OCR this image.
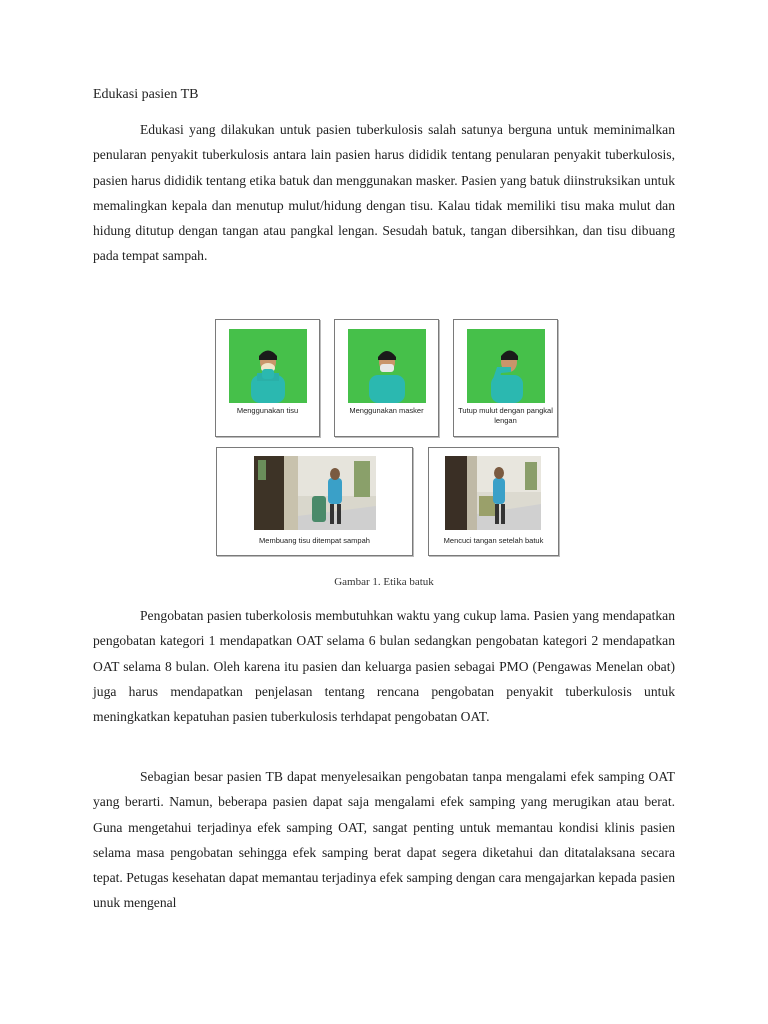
Edukasi pasien TB

Edukasi yang dilakukan untuk pasien tuberkulosis salah satunya berguna untuk meminimalkan penularan penyakit tuberkulosis antara lain pasien harus dididik tentang penularan penyakit tuberkulosis, pasien harus dididik tentang etika batuk dan menggunakan masker. Pasien yang batuk diinstruksikan untuk memalingkan kepala dan menutup mulut/hidung dengan tisu. Kalau tidak memiliki tisu maka mulut dan hidung ditutup dengan tangan atau pangkal lengan. Sesudah batuk, tangan dibersihkan, dan tisu dibuang pada tempat sampah.

Menggunakan tisu	Menggunakan masker	Tutup mulut dengan pangkal lengan
Membuang tisu ditempat sampah	Mencuci tangan setelah batuk
Gambar 1. Etika batuk

Pengobatan pasien tuberkolosis membutuhkan waktu yang cukup lama. Pasien yang mendapatkan pengobatan kategori 1 mendapatkan OAT selama 6 bulan sedangkan pengobatan kategori 2 mendapatkan OAT selama 8 bulan. Oleh karena itu pasien dan keluarga pasien sebagai PMO (Pengawas Menelan obat) juga harus mendapatkan penjelasan tentang rencana pengobatan penyakit tuberkulosis untuk meningkatkan kepatuhan pasien tuberkulosis terhdapat pengobatan OAT.

Sebagian besar pasien TB dapat menyelesaikan pengobatan tanpa mengalami efek samping OAT yang berarti. Namun, beberapa pasien dapat saja mengalami efek samping yang merugikan atau berat. Guna mengetahui terjadinya efek samping OAT, sangat penting untuk memantau kondisi klinis pasien selama masa pengobatan sehingga efek samping berat dapat segera diketahui dan ditatalaksana secara tepat. Petugas kesehatan dapat memantau terjadinya efek samping dengan cara mengajarkan kepada pasien unuk mengenal
